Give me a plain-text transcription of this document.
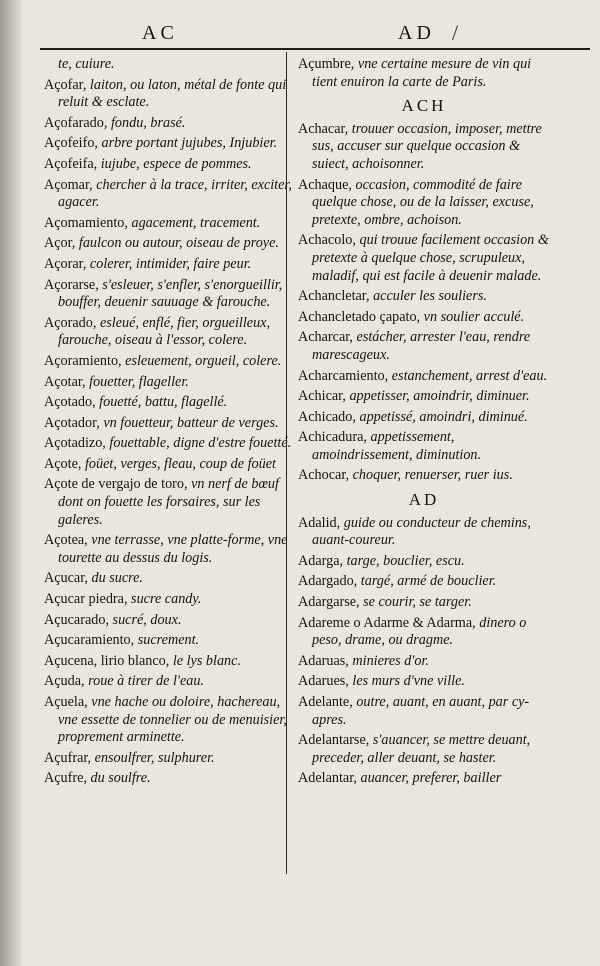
AC	AD /
te, cuiure.
Açofar, laiton, ou laton, métal de fonte qui reluit & esclate.
Açofarado, fondu, brasé.
Açofeifo, arbre portant jujubes, Injubier.
Açofeifa, iujube, espece de pommes.
Açomar, chercher à la trace, irriter, exciter, agacer.
Açomamiento, agacement, tracement.
Açor, faulcon ou autour, oiseau de proye.
Açorar, colerer, intimider, faire peur.
Açorarse, s'esleuer, s'enfler, s'enorgueillir, bouffer, deuenir sauuage & farouche.
Açorado, esleué, enflé, fier, orgueilleux, farouche, oiseau à l'essor, colere.
Açoramiento, esleuement, orgueil, colere.
Açotar, fouetter, flageller.
Açotado, fouetté, battu, flagellé.
Açotador, vn fouetteur, batteur de verges.
Açotadizo, fouettable, digne d'estre fouetté.
Açote, foüet, verges, fleau, coup de foüet
Açote de vergajo de toro, vn nerf de bœuf dont on fouette les forsaires, sur les galeres.
Açotea, vne terrasse, vne platte-forme, vne tourette au dessus du logis.
Açucar, du sucre.
Açucar piedra, sucre candy.
Açucarado, sucré, doux.
Açucaramiento, sucrement.
Açucena, lirio blanco, le lys blanc.
Açuda, roue à tirer de l'eau.
Açuela, vne hache ou doloire, hachereau, vne essette de tonnelier ou de menuisier, proprement arminette.
Açufrar, ensoulfrer, sulphurer.
Açufre, du soulfre.
Açumbre, vne certaine mesure de vin qui tient enuiron la carte de Paris.
ACH
Achacar, trouuer occasion, imposer, mettre sus, accuser sur quelque occasion & suiect, achoisonner.
Achaque, occasion, commodité de faire quelque chose, ou de la laisser, excuse, pretexte, ombre, achoison.
Achacolo, qui trouue facilement occasion & pretexte à quelque chose, scrupuleux, maladif, qui est facile à deuenir malade.
Achancletar, acculer les souliers.
Achancletado çapato, vn soulier acculé.
Acharcar, estácher, arrester l'eau, rendre marescageux.
Acharcamiento, estanchement, arrest d'eau.
Achicar, appetisser, amoindrir, diminuer.
Achicado, appetissé, amoindri, diminué.
Achicadura, appetissement, amoindrissement, diminution.
Achocar, choquer, renuerser, ruer ius.
AD
Adalid, guide ou conducteur de chemins, auant-coureur.
Adarga, targe, bouclier, escu.
Adargado, targé, armé de bouclier.
Adargarse, se courir, se targer.
Adareme o Adarme & Adarma, dinero o peso, drame, ou dragme.
Adaruas, minieres d'or.
Adarues, les murs d'vne ville.
Adelante, outre, auant, en auant, par cy-apres.
Adelantarse, s'auancer, se mettre deuant, preceder, aller deuant, se haster.
Adelantar, auancer, preferer, bailler
